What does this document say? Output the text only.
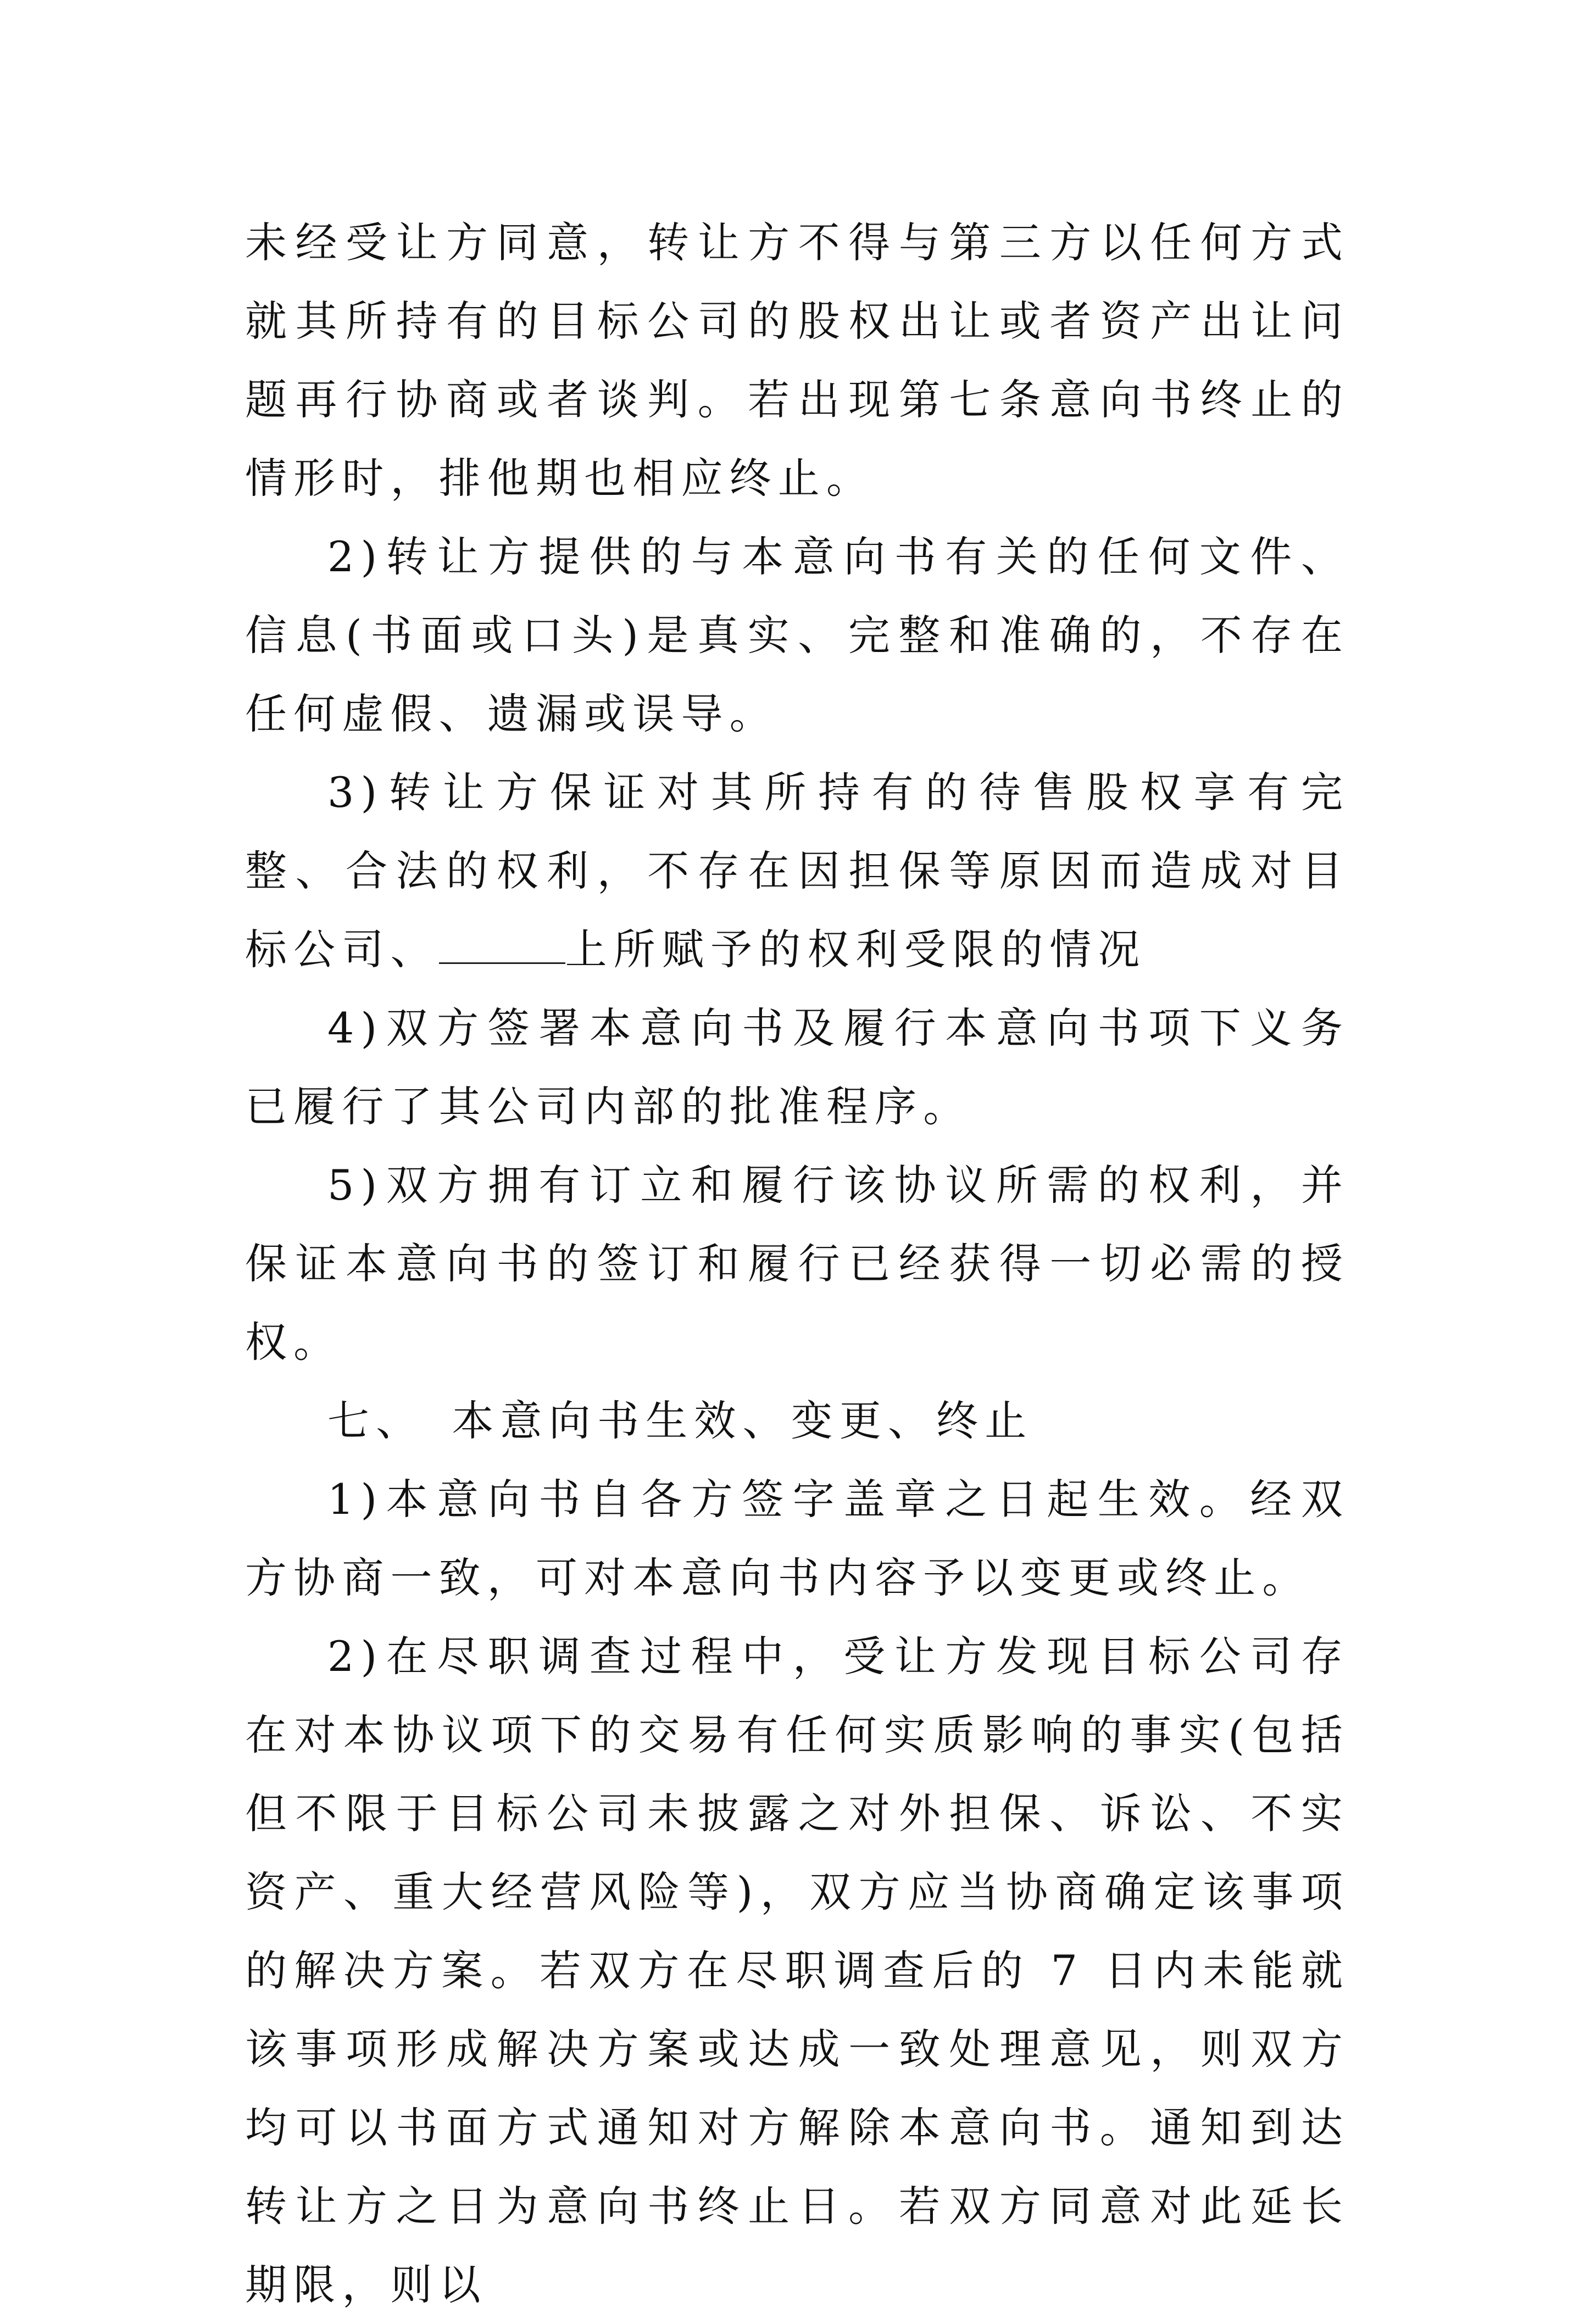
未经受让方同意，转让方不得与第三方以任何方式就其所持有的目标公司的股权出让或者资产出让问题再行协商或者谈判。若出现第七条意向书终止的情形时，排他期也相应终止。

2)转让方提供的与本意向书有关的任何文件、信息(书面或口头)是真实、完整和准确的，不存在任何虚假、遗漏或误导。

3)转让方保证对其所持有的待售股权享有完整、合法的权利，不存在因担保等原因而造成对目标公司、	上所赋予的权利受限的情况

4)双方签署本意向书及履行本意向书项下义务已履行了其公司内部的批准程序。

5)双方拥有订立和履行该协议所需的权利，并保证本意向书的签订和履行已经获得一切必需的授权。

七、　本意向书生效、变更、终止

1)本意向书自各方签字盖章之日起生效。经双方协商一致，可对本意向书内容予以变更或终止。

2)在尽职调查过程中，受让方发现目标公司存在对本协议项下的交易有任何实质影响的事实(包括但不限于目标公司未披露之对外担保、诉讼、不实资产、重大经营风险等)，双方应当协商确定该事项的解决方案。若双方在尽职调查后的 7 日内未能就该事项形成解决方案或达成一致处理意见，则双方均可以书面方式通知对方解除本意向书。通知到达转让方之日为意向书终止日。若双方同意对此延长期限，则以
